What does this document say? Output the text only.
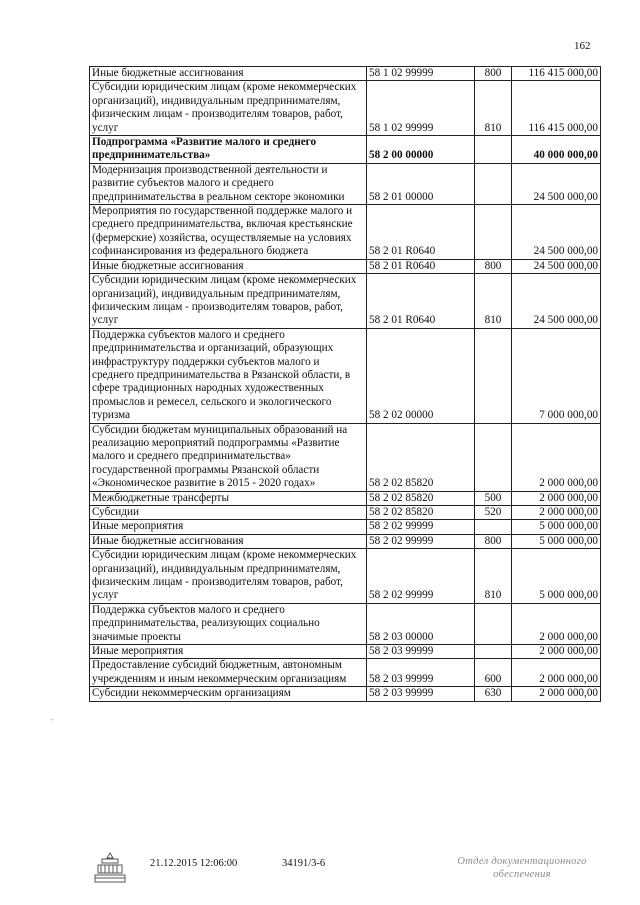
162
Иные бюджетные ассигнования	58 1 02 99999	800	116 415 000,00
Субсидии юридическим лицам (кроме некоммерческих организаций), индивидуальным предпринимателям, физическим лицам - производителям товаров, работ, услуг	58 1 02 99999	810	116 415 000,00
Подпрограмма «Развитие малого и среднего предпринимательства»	58 2 00 00000		40 000 000,00
Модернизация производственной деятельности и развитие субъектов малого и среднего предпринимательства в реальном секторе экономики	58 2 01 00000		24 500 000,00
Мероприятия по государственной поддержке малого и среднего предпринимательства, включая крестьянские (фермерские) хозяйства, осуществляемые на условиях софинансирования из федерального бюджета	58 2 01 R0640		24 500 000,00
Иные бюджетные ассигнования	58 2 01 R0640	800	24 500 000,00
Субсидии юридическим лицам (кроме некоммерческих организаций), индивидуальным предпринимателям, физическим лицам - производителям товаров, работ, услуг	58 2 01 R0640	810	24 500 000,00
Поддержка субъектов малого и среднего предпринимательства и организаций, образующих инфраструктуру поддержки субъектов малого и среднего предпринимательства в Рязанской области, в сфере традиционных народных художественных промыслов и ремесел, сельского и экологического туризма	58 2 02 00000		7 000 000,00
Субсидии бюджетам муниципальных образований на реализацию мероприятий подпрограммы «Развитие малого и среднего предпринимательства» государственной программы Рязанской области «Экономическое развитие в 2015 - 2020 годах»	58 2 02 85820		2 000 000,00
Межбюджетные трансферты	58 2 02 85820	500	2 000 000,00
Субсидии	58 2 02 85820	520	2 000 000,00
Иные мероприятия	58 2 02 99999		5 000 000,00
Иные бюджетные ассигнования	58 2 02 99999	800	5 000 000,00
Субсидии юридическим лицам (кроме некоммерческих организаций), индивидуальным предпринимателям, физическим лицам - производителям товаров, работ, услуг	58 2 02 99999	810	5 000 000,00
Поддержка субъектов малого и среднего предпринимательства, реализующих социально значимые проекты	58 2 03 00000		2 000 000,00
Иные мероприятия	58 2 03 99999		2 000 000,00
Предоставление субсидий бюджетным, автономным учреждениям и иным некоммерческим организациям	58 2 03 99999	600	2 000 000,00
Субсидии некоммерческим организациям	58 2 03 99999	630	2 000 000,00
-
21.12.2015 12:06:00	34191/3-6	Отдел документационного
обеспечения
